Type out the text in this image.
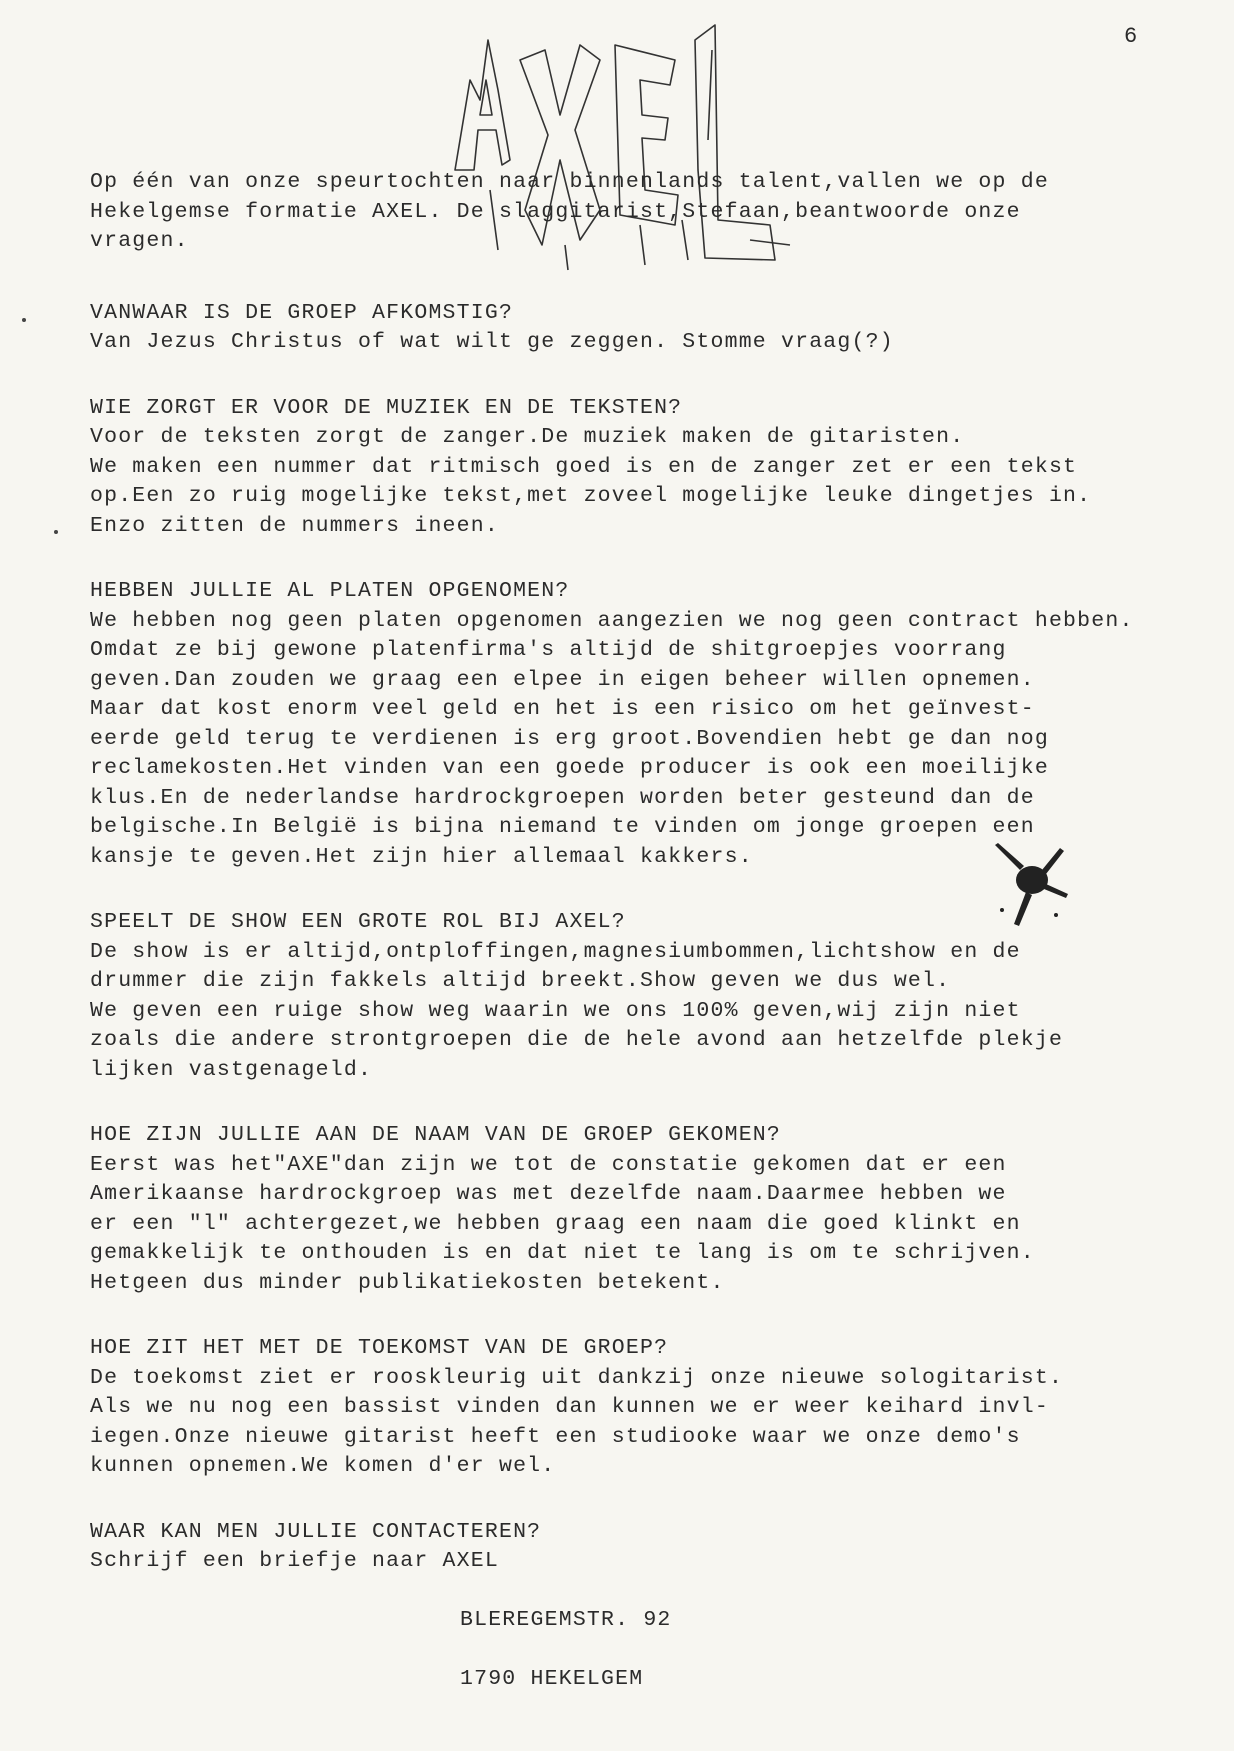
6
AXEL

Op één van onze speurtochten naar binnenlands talent,vallen we op de
Hekelgemse formatie AXEL. De slaggitarist,Stefaan,beantwoorde onze
vragen.

VANWAAR IS DE GROEP AFKOMSTIG?
Van Jezus Christus of wat wilt ge zeggen. Stomme vraag(?)
WIE ZORGT ER VOOR DE MUZIEK EN DE TEKSTEN?
Voor de teksten zorgt de zanger.De muziek maken de gitaristen.
We maken een nummer dat ritmisch goed is en de zanger zet er een tekst
op.Een zo ruig mogelijke tekst,met zoveel mogelijke leuke dingetjes in.
Enzo zitten de nummers ineen.
HEBBEN JULLIE AL PLATEN OPGENOMEN?
We hebben nog geen platen opgenomen aangezien we nog geen contract hebben.
Omdat ze bij gewone platenfirma's altijd de shitgroepjes voorrang
geven.Dan zouden we graag een elpee in eigen beheer willen opnemen.
Maar dat kost enorm veel geld en het is een risico om het geïnvest-
eerde geld terug te verdienen is erg groot.Bovendien hebt ge dan nog
reclamekosten.Het vinden van een goede producer is ook een moeilijke
klus.En de nederlandse hardrockgroepen worden beter gesteund dan de
belgische.In België is bijna niemand te vinden om jonge groepen een
kansje te geven.Het zijn hier allemaal kakkers.
SPEELT DE SHOW EEN GROTE ROL BIJ AXEL?
De show is er altijd,ontploffingen,magnesiumbommen,lichtshow en de
drummer die zijn fakkels altijd breekt.Show geven we dus wel.
We geven een ruige show weg waarin we ons 100% geven,wij zijn niet
zoals die andere strontgroepen die de hele avond aan hetzelfde plekje
lijken vastgenageld.
HOE ZIJN JULLIE AAN DE NAAM VAN DE GROEP GEKOMEN?
Eerst was het"AXE"dan zijn we tot de constatie gekomen dat er een
Amerikaanse hardrockgroep was met dezelfde naam.Daarmee hebben we
er een "l" achtergezet,we hebben graag een naam die goed klinkt en
gemakkelijk te onthouden is en dat niet te lang is om te schrijven.
Hetgeen dus minder publikatiekosten betekent.
HOE ZIT HET MET DE TOEKOMST VAN DE GROEP?
De toekomst ziet er rooskleurig uit dankzij onze nieuwe sologitarist.
Als we nu nog een bassist vinden dan kunnen we er weer keihard invl-
iegen.Onze nieuwe gitarist heeft een studiooke waar we onze demo's
kunnen opnemen.We komen d'er wel.
WAAR KAN MEN JULLIE CONTACTEREN?
Schrijf een briefje naar AXEL

BLEREGEMSTR. 92

1790 HEKELGEM
